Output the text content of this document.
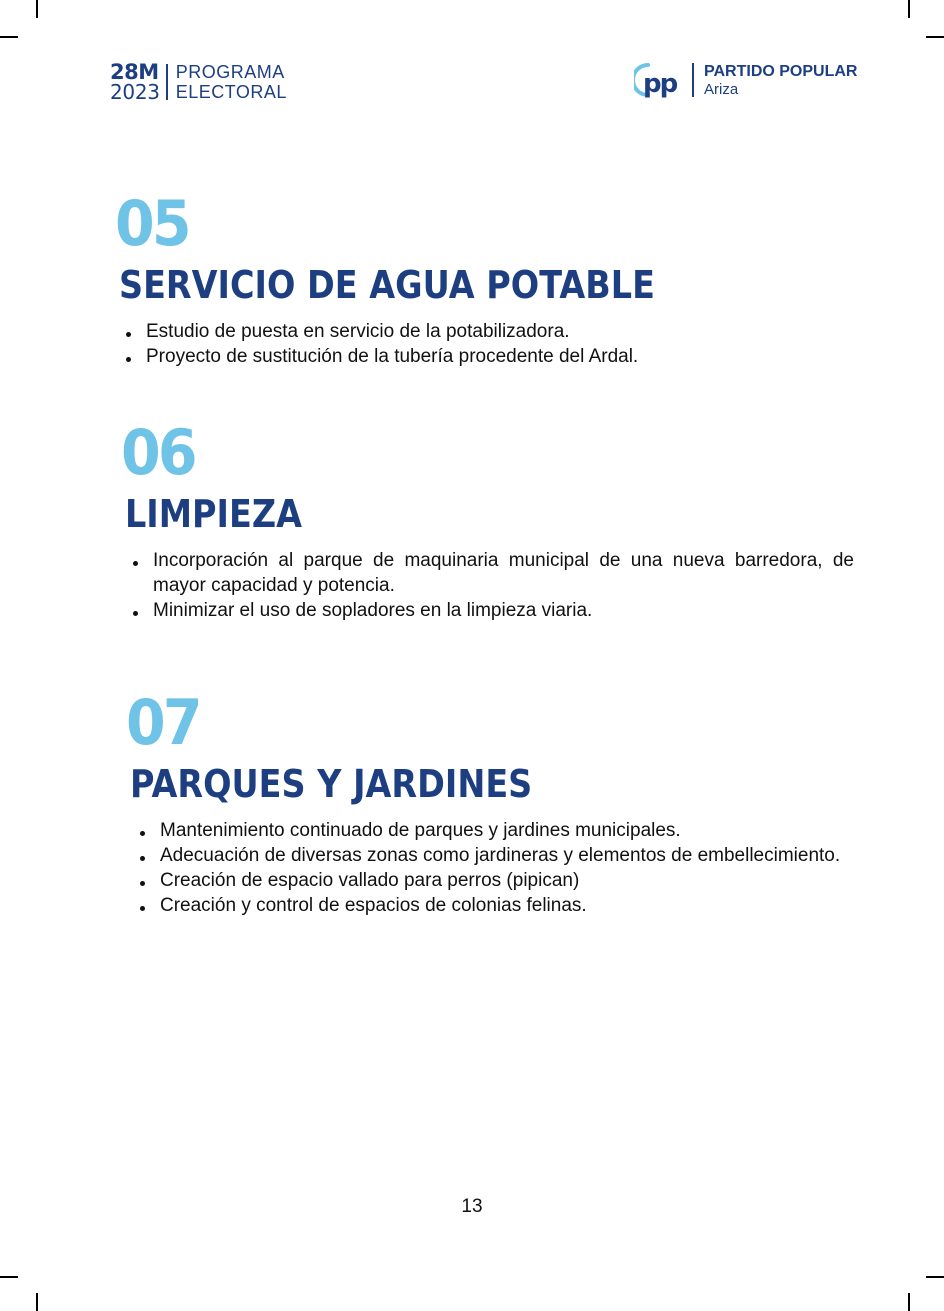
28M
2023
PROGRAMA
ELECTORAL	pp PARTIDO POPULAR
Ariza
05
SERVICIO DE AGUA POTABLE
Estudio de puesta en servicio de la potabilizadora.
Proyecto de sustitución de la tubería procedente del Ardal.
06
LIMPIEZA
Incorporación al parque de maquinaria municipal de una nueva barredora, de mayor capacidad y potencia.
Minimizar el uso de sopladores en la limpieza viaria.
07
PARQUES Y JARDINES
Mantenimiento continuado de parques y jardines municipales.
Adecuación de diversas zonas como jardineras y elementos de embellecimiento.
Creación de espacio vallado para perros (pipican)
Creación y control de espacios de colonias felinas.
13
